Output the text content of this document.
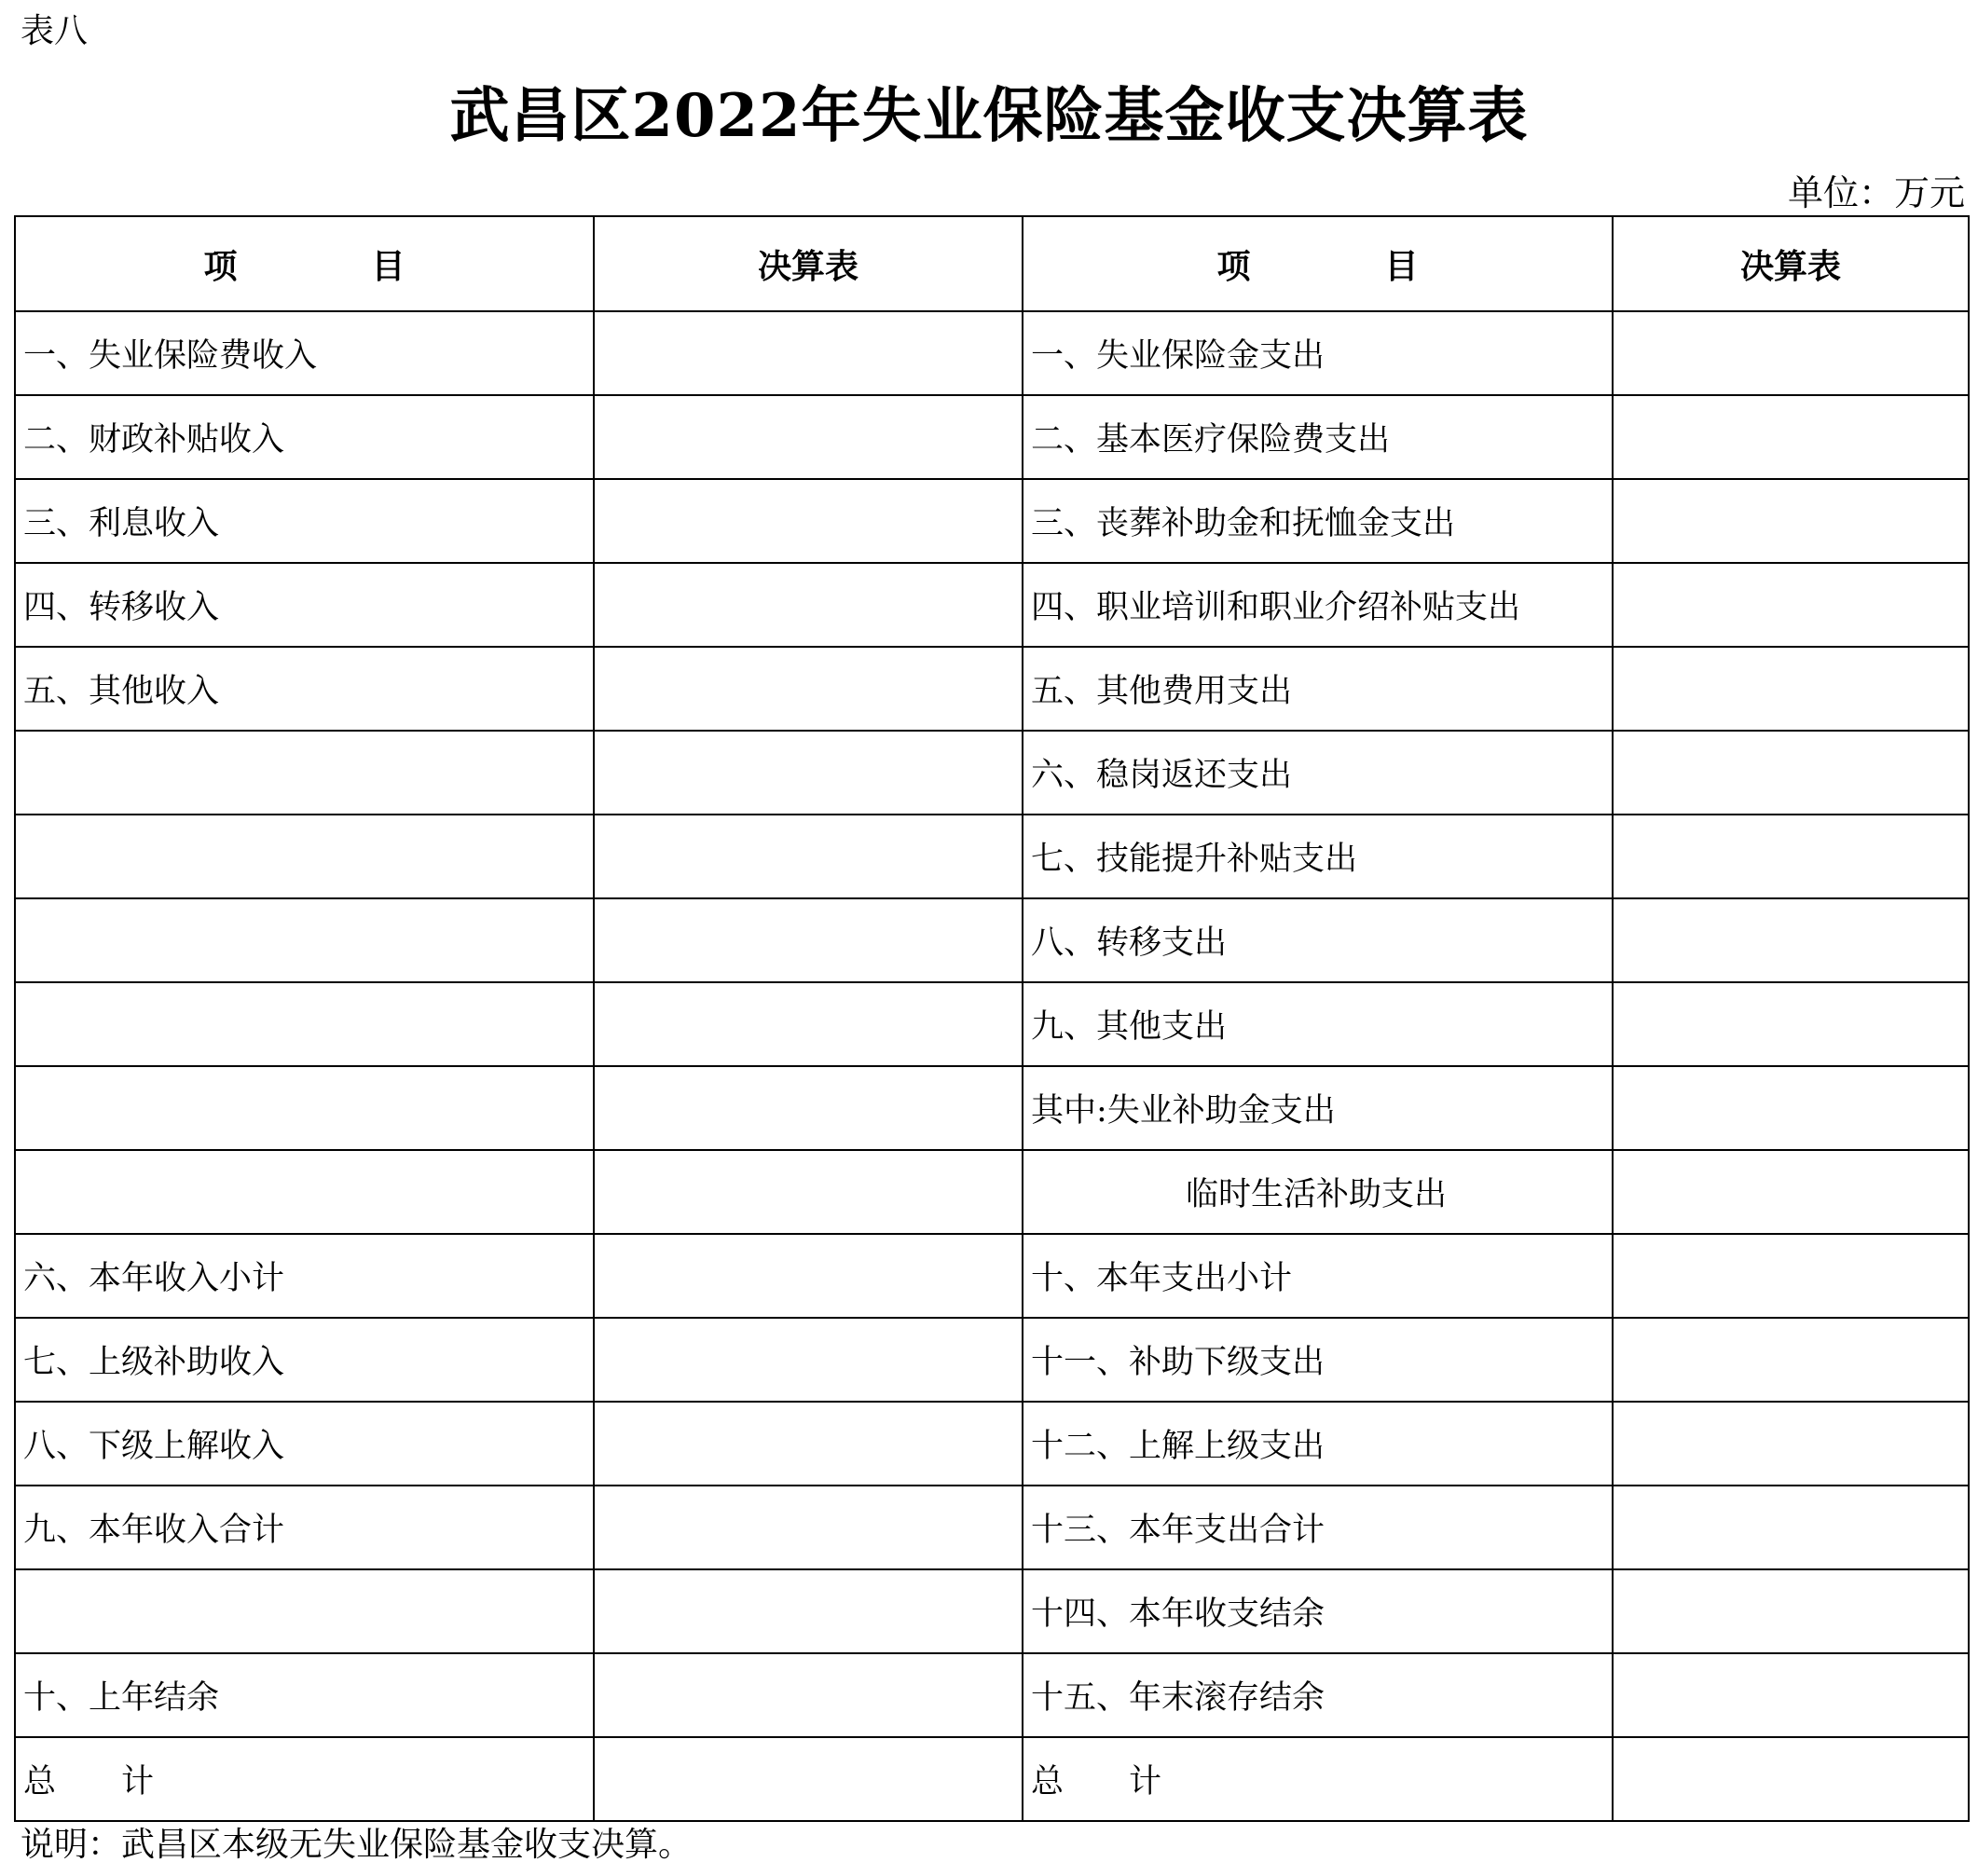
表八
武昌区2022年失业保险基金收支决算表
单位：万元
项　　　　目	决算表	项　　　　目	决算表
一、失业保险费收入		一、失业保险金支出	
二、财政补贴收入		二、基本医疗保险费支出	
三、利息收入		三、丧葬补助金和抚恤金支出	
四、转移收入		四、职业培训和职业介绍补贴支出	
五、其他收入		五、其他费用支出	
		六、稳岗返还支出	
		七、技能提升补贴支出	
		八、转移支出	
		九、其他支出	
		其中:失业补助金支出	
		临时生活补助支出	
六、本年收入小计		十、本年支出小计	
七、上级补助收入		十一、补助下级支出	
八、下级上解收入		十二、上解上级支出	
九、本年收入合计		十三、本年支出合计	
		十四、本年收支结余	
十、上年结余		十五、年末滚存结余	
总　　计		总　　计	
说明：武昌区本级无失业保险基金收支决算。
